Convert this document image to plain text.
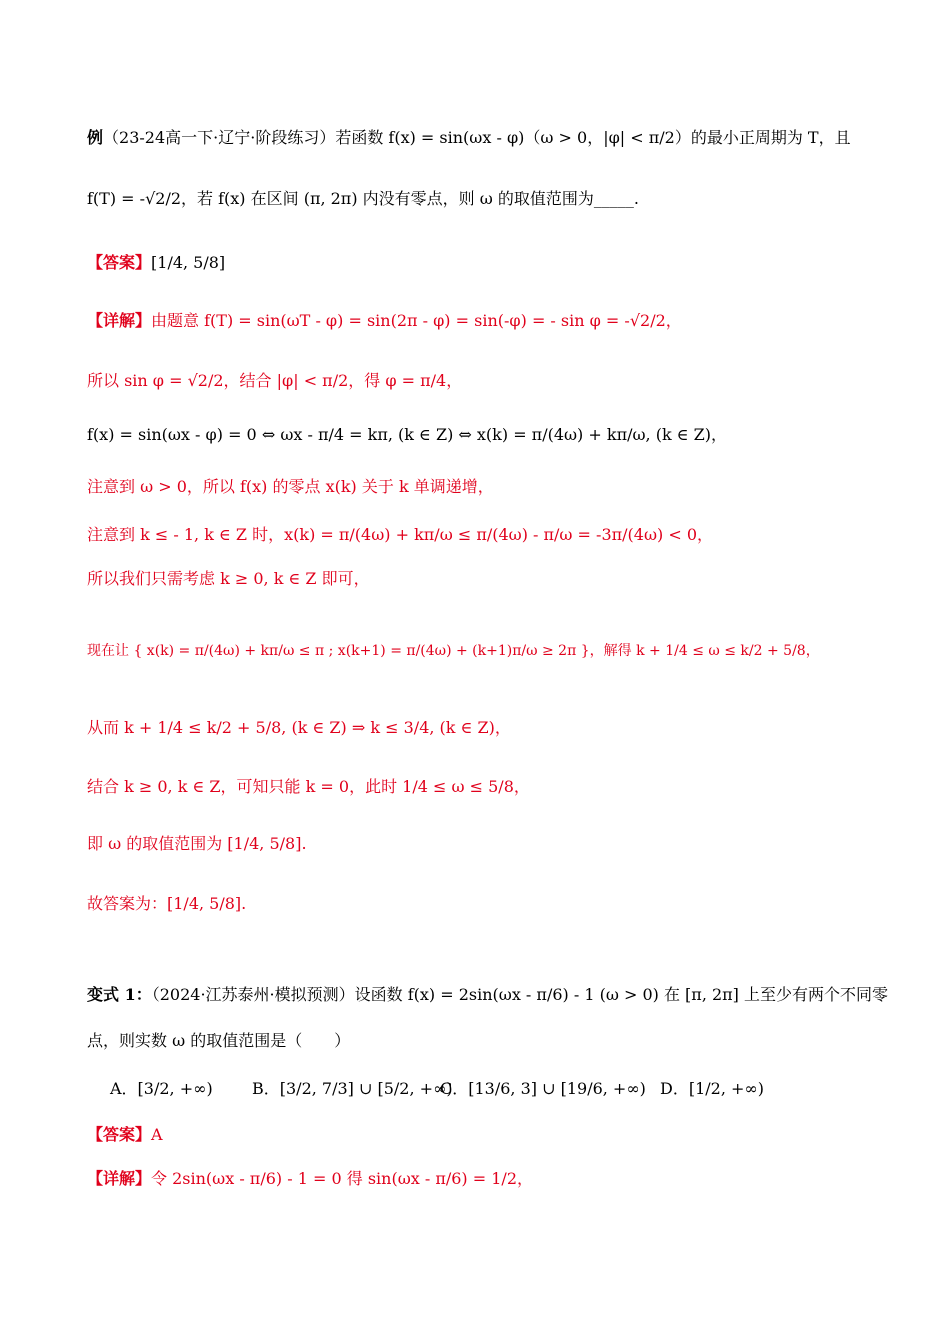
例（23-24高一下·辽宁·阶段练习）若函数 f(x) = sin(ωx - φ)（ω > 0，|φ| < π/2）的最小正周期为 T，且
f(T) = -√2/2，若 f(x) 在区间 (π, 2π) 内没有零点，则 ω 的取值范围为_____.
【答案】[1/4, 5/8]
【详解】由题意 f(T) = sin(ωT - φ) = sin(2π - φ) = sin(-φ) = - sin φ = -√2/2，
所以 sin φ = √2/2，结合 |φ| < π/2，得 φ = π/4，
f(x) = sin(ωx - φ) = 0 ⇔ ωx - π/4 = kπ, (k ∈ Z) ⇔ x(k) = π/(4ω) + kπ/ω, (k ∈ Z)，
注意到 ω > 0，所以 f(x) 的零点 x(k) 关于 k 单调递增，
注意到 k ≤ - 1, k ∈ Z 时，x(k) = π/(4ω) + kπ/ω ≤ π/(4ω) - π/ω = -3π/(4ω) < 0，
所以我们只需考虑 k ≥ 0, k ∈ Z 即可，
现在让 { x(k) = π/(4ω) + kπ/ω ≤ π ; x(k+1) = π/(4ω) + (k+1)π/ω ≥ 2π }，解得 k + 1/4 ≤ ω ≤ k/2 + 5/8，
从而 k + 1/4 ≤ k/2 + 5/8, (k ∈ Z) ⇒ k ≤ 3/4, (k ∈ Z)，
结合 k ≥ 0, k ∈ Z，可知只能 k = 0，此时 1/4 ≤ ω ≤ 5/8，
即 ω 的取值范围为 [1/4, 5/8].
故答案为：[1/4, 5/8].
变式 1：（2024·江苏泰州·模拟预测）设函数 f(x) = 2sin(ωx - π/6) - 1 (ω > 0) 在 [π, 2π] 上至少有两个不同零
点，则实数 ω 的取值范围是（　　）
A．[3/2, +∞) B．[3/2, 7/3] ∪ [5/2, +∞)
C．[13/6, 3] ∪ [19/6, +∞) D．[1/2, +∞)
【答案】A
【详解】令 2sin(ωx - π/6) - 1 = 0 得 sin(ωx - π/6) = 1/2，
